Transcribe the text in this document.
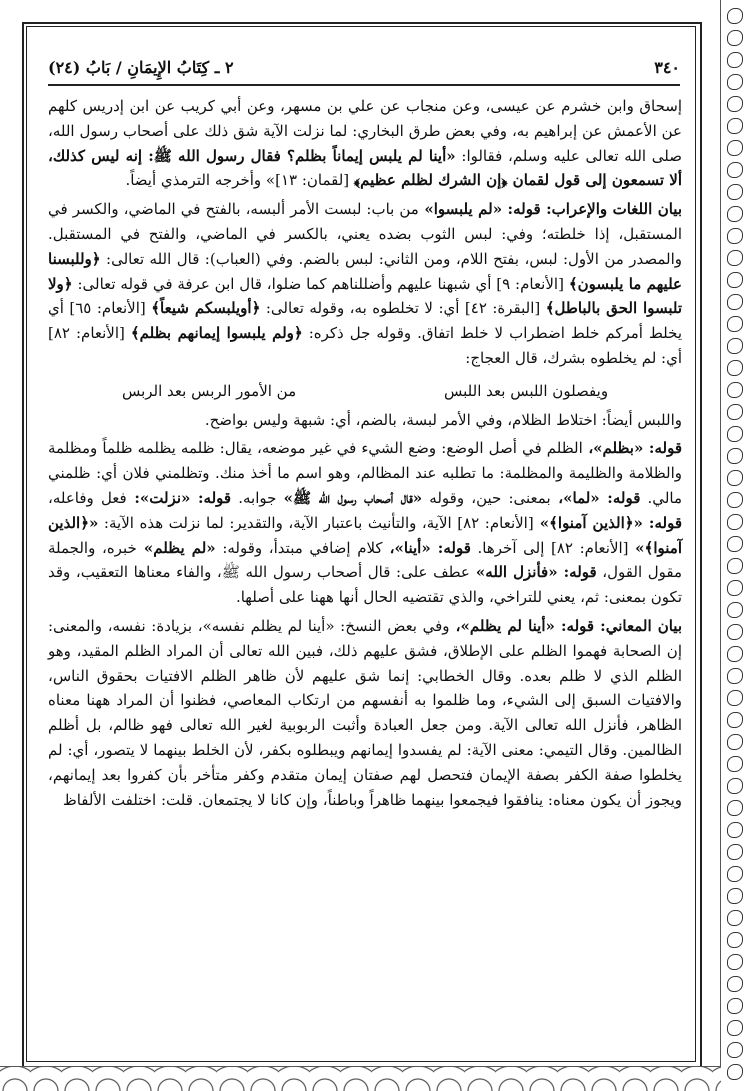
٣٤٠
٢ ـ كِتَابُ الإِيمَانِ / بَابُ (٢٤)

إسحاق وابن خشرم عن عيسى، وعن منجاب عن علي بن مسهر، وعن أبي كريب عن ابن إدريس كلهم عن الأعمش عن إبراهيم به، وفي بعض طرق البخاري: لما نزلت الآية شق ذلك على أصحاب رسول الله، صلى الله تعالى عليه وسلم، فقالوا: «أينا لم يلبس إيماناً بظلم؟ فقال رسول الله ﷺ: إنه ليس كذلك، ألا تسمعون إلى قول لقمان ﴿إن الشرك لظلم عظيم﴾ [لقمان: ١٣]» وأخرجه الترمذي أيضاً.

بيان اللغات والإعراب: قوله: «لم يلبسوا» من باب: لبست الأمر ألبسه، بالفتح في الماضي، والكسر في المستقبل، إذا خلطته؛ وفي: لبس الثوب بضده يعني، بالكسر في الماضي، والفتح في المستقبل. والمصدر من الأول: لبس، بفتح اللام، ومن الثاني: لبس بالضم. وفي (العباب): قال الله تعالى: ﴿وللبسنا عليهم ما يلبسون﴾ [الأنعام: ٩] أي شبهنا عليهم وأضللناهم كما ضلوا، قال ابن عرفة في قوله تعالى: ﴿ولا تلبسوا الحق بالباطل﴾ [البقرة: ٤٢] أي: لا تخلطوه به، وقوله تعالى: ﴿أويلبسكم شيعاً﴾ [الأنعام: ٦٥] أي يخلط أمركم خلط اضطراب لا خلط اتفاق. وقوله جل ذكره: ﴿ولم يلبسوا إيمانهم بظلم﴾ [الأنعام: ٨٢] أي: لم يخلطوه بشرك، قال العجاج:

ويفصلون اللبس بعد اللبس
من الأمور الربس بعد الربس

واللبس أيضاً: اختلاط الظلام، وفي الأمر لبسة، بالضم، أي: شبهة وليس بواضح.

قوله: «بظلم»، الظلم في أصل الوضع: وضع الشيء في غير موضعه، يقال: ظلمه يظلمه ظلماً ومظلمة والظلامة والظليمة والمظلمة: ما تطلبه عند المظالم، وهو اسم ما أخذ منك. وتظلمني فلان أي: ظلمني مالي. قوله: «لما»، بمعنى: حين، وقوله «قال أصحاب رسول الله ﷺ» جوابه. قوله: «نزلت»: فعل وفاعله، قوله: «﴿الذين آمنوا﴾» [الأنعام: ٨٢] الآية، والتأنيث باعتبار الآية، والتقدير: لما نزلت هذه الآية: «﴿الذين آمنوا﴾» [الأنعام: ٨٢] إلى آخرها. قوله: «أينا»، كلام إضافي مبتدأ، وقوله: «لم يظلم» خبره، والجملة مقول القول، قوله: «فأنزل الله» عطف على: قال أصحاب رسول الله ﷺ، والفاء معناها التعقيب، وقد تكون بمعنى: ثم، يعني للتراخي، والذي تقتضيه الحال أنها ههنا على أصلها.

بيان المعاني: قوله: «أينا لم يظلم»، وفي بعض النسخ: «أينا لم يظلم نفسه»، بزيادة: نفسه، والمعنى: إن الصحابة فهموا الظلم على الإطلاق، فشق عليهم ذلك، فبين الله تعالى أن المراد الظلم المقيد، وهو الظلم الذي لا ظلم بعده. وقال الخطابي: إنما شق عليهم لأن ظاهر الظلم الافتيات بحقوق الناس، والافتيات السبق إلى الشيء، وما ظلموا به أنفسهم من ارتكاب المعاصي، فظنوا أن المراد ههنا معناه الظاهر، فأنزل الله تعالى الآية. ومن جعل العبادة وأثبت الربوبية لغير الله تعالى فهو ظالم، بل أظلم الظالمين. وقال التيمي: معنى الآية: لم يفسدوا إيمانهم ويبطلوه بكفر، لأن الخلط بينهما لا يتصور، أي: لم يخلطوا صفة الكفر بصفة الإيمان فتحصل لهم صفتان إيمان متقدم وكفر متأخر بأن كفروا بعد إيمانهم، ويجوز أن يكون معناه: ينافقوا فيجمعوا بينهما ظاهراً وباطناً، وإن كانا لا يجتمعان. قلت: اختلفت الألفاظ
